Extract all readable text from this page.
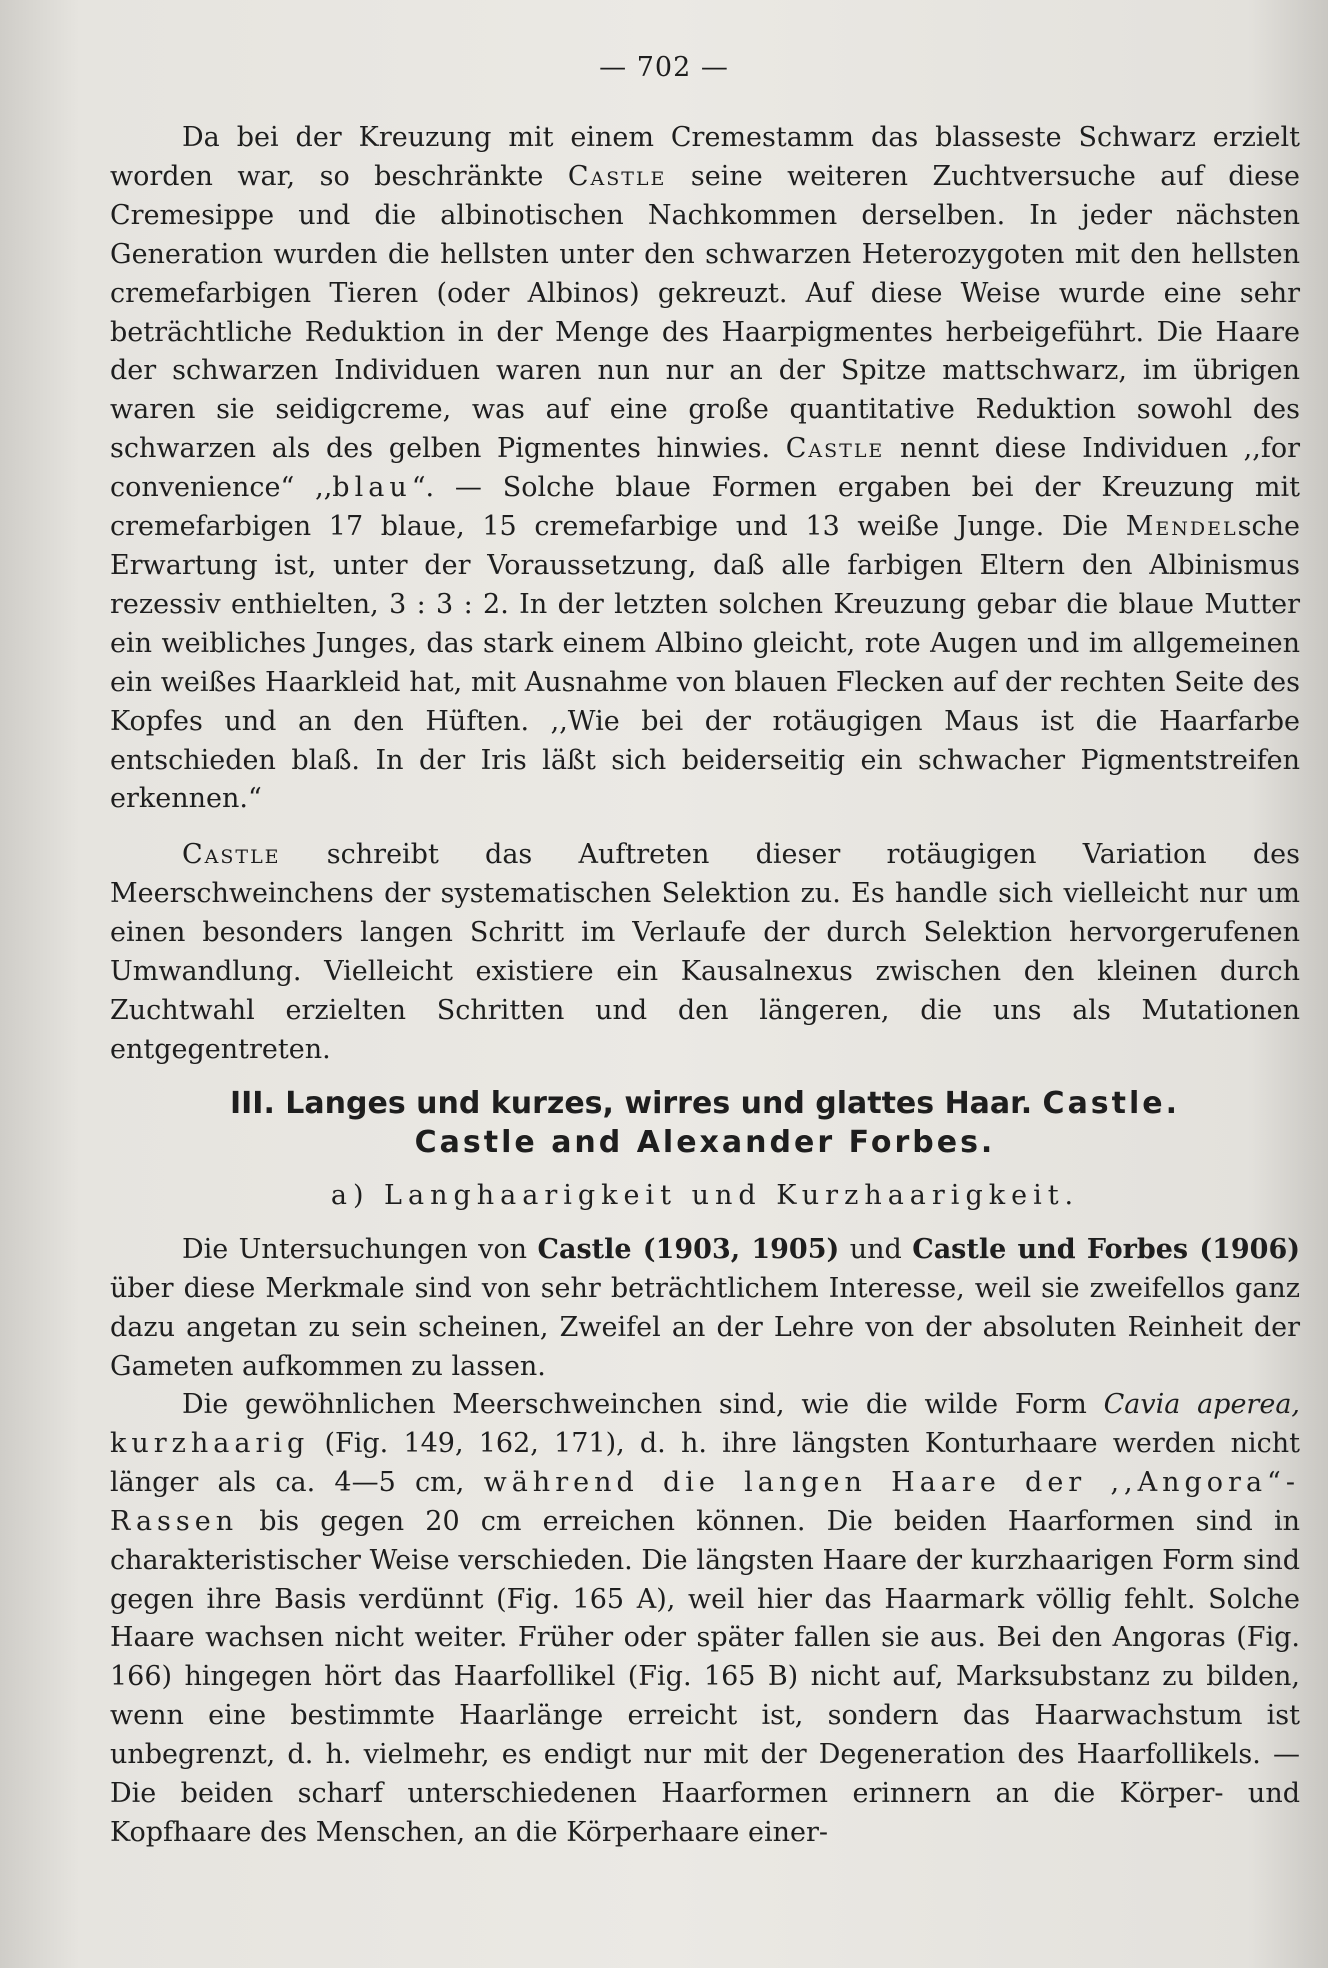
— 702 —

Da bei der Kreuzung mit einem Cremestamm das blasseste Schwarz erzielt worden war, so beschränkte Castle seine weiteren Zuchtversuche auf diese Cremesippe und die albinotischen Nachkommen derselben. In jeder nächsten Generation wurden die hellsten unter den schwarzen Heterozygoten mit den hellsten cremefarbigen Tieren (oder Albinos) gekreuzt. Auf diese Weise wurde eine sehr beträchtliche Reduktion in der Menge des Haarpigmentes herbeigeführt. Die Haare der schwarzen Individuen waren nun nur an der Spitze mattschwarz, im übrigen waren sie seidigcreme, was auf eine große quantitative Reduktion sowohl des schwarzen als des gelben Pigmentes hinwies. Castle nennt diese Individuen ,,for convenience“ ,,blau“. — Solche blaue Formen ergaben bei der Kreuzung mit cremefarbigen 17 blaue, 15 cremefarbige und 13 weiße Junge. Die Mendelsche Erwartung ist, unter der Voraussetzung, daß alle farbigen Eltern den Albinismus rezessiv enthielten, 3 : 3 : 2. In der letzten solchen Kreuzung gebar die blaue Mutter ein weibliches Junges, das stark einem Albino gleicht, rote Augen und im allgemeinen ein weißes Haarkleid hat, mit Ausnahme von blauen Flecken auf der rechten Seite des Kopfes und an den Hüften. ,,Wie bei der rotäugigen Maus ist die Haarfarbe entschieden blaß. In der Iris läßt sich beiderseitig ein schwacher Pigmentstreifen erkennen.“

Castle schreibt das Auftreten dieser rotäugigen Variation des Meerschweinchens der systematischen Selektion zu. Es handle sich vielleicht nur um einen besonders langen Schritt im Verlaufe der durch Selektion hervorgerufenen Umwandlung. Vielleicht existiere ein Kausalnexus zwischen den kleinen durch Zuchtwahl erzielten Schritten und den längeren, die uns als Mutationen entgegentreten.

III. Langes und kurzes, wirres und glattes Haar. Castle.
Castle and Alexander Forbes.
a) Langhaarigkeit und Kurzhaarigkeit.

Die Untersuchungen von Castle (1903, 1905) und Castle und Forbes (1906) über diese Merkmale sind von sehr beträchtlichem Interesse, weil sie zweifellos ganz dazu angetan zu sein scheinen, Zweifel an der Lehre von der absoluten Reinheit der Gameten aufkommen zu lassen.

Die gewöhnlichen Meerschweinchen sind, wie die wilde Form Cavia aperea, kurzhaarig (Fig. 149, 162, 171), d. h. ihre längsten Konturhaare werden nicht länger als ca. 4—5 cm, während die langen Haare der ,,Angora“-Rassen bis gegen 20 cm erreichen können. Die beiden Haarformen sind in charakteristischer Weise verschieden. Die längsten Haare der kurzhaarigen Form sind gegen ihre Basis verdünnt (Fig. 165 A), weil hier das Haarmark völlig fehlt. Solche Haare wachsen nicht weiter. Früher oder später fallen sie aus. Bei den Angoras (Fig. 166) hingegen hört das Haarfollikel (Fig. 165 B) nicht auf, Marksubstanz zu bilden, wenn eine bestimmte Haarlänge erreicht ist, sondern das Haarwachstum ist unbegrenzt, d. h. vielmehr, es endigt nur mit der Degeneration des Haarfollikels. — Die beiden scharf unterschiedenen Haarformen erinnern an die Körper- und Kopfhaare des Menschen, an die Körperhaare einer-
